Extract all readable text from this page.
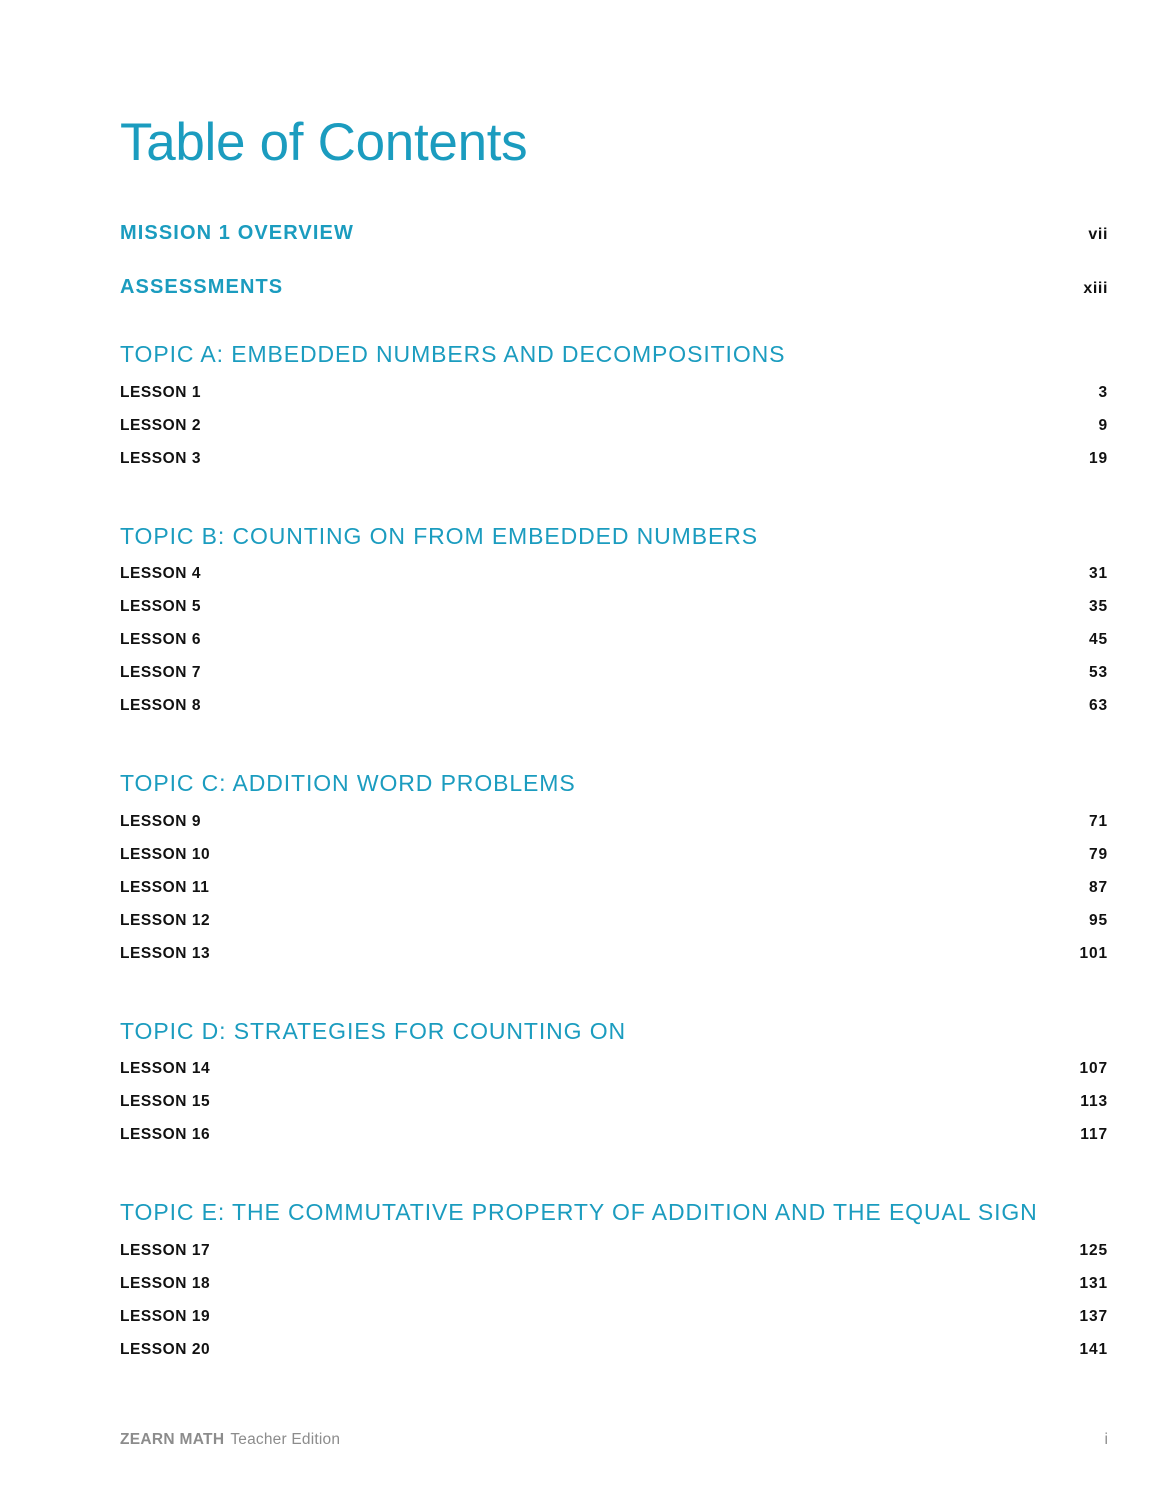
Table of Contents
MISSION 1 OVERVIEW	vii
ASSESSMENTS	xiii
TOPIC A: EMBEDDED NUMBERS AND DECOMPOSITIONS
LESSON 1	3
LESSON 2	9
LESSON 3	19
TOPIC B: COUNTING ON FROM EMBEDDED NUMBERS
LESSON 4	31
LESSON 5	35
LESSON 6	45
LESSON 7	53
LESSON 8	63
TOPIC C: ADDITION WORD PROBLEMS
LESSON 9	71
LESSON 10	79
LESSON 11	87
LESSON 12	95
LESSON 13	101
TOPIC D: STRATEGIES FOR COUNTING ON
LESSON 14	107
LESSON 15	113
LESSON 16	117
TOPIC E: THE COMMUTATIVE PROPERTY OF ADDITION AND THE EQUAL SIGN
LESSON 17	125
LESSON 18	131
LESSON 19	137
LESSON 20	141
ZEARN MATH Teacher Edition	i
